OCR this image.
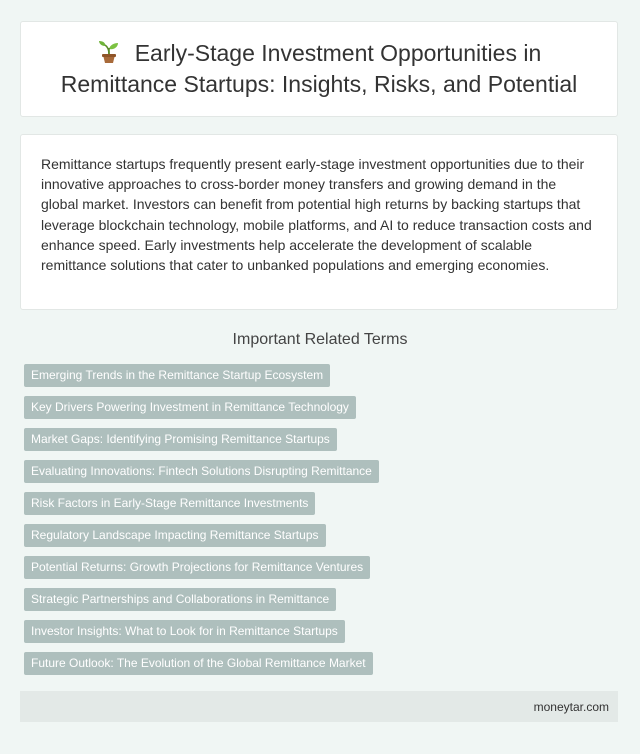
Early-Stage Investment Opportunities in Remittance Startups: Insights, Risks, and Potential

Remittance startups frequently present early-stage investment opportunities due to their innovative approaches to cross-border money transfers and growing demand in the global market. Investors can benefit from potential high returns by backing startups that leverage blockchain technology, mobile platforms, and AI to reduce transaction costs and enhance speed. Early investments help accelerate the development of scalable remittance solutions that cater to unbanked populations and emerging economies.

Important Related Terms
Emerging Trends in the Remittance Startup Ecosystem
Key Drivers Powering Investment in Remittance Technology
Market Gaps: Identifying Promising Remittance Startups
Evaluating Innovations: Fintech Solutions Disrupting Remittance
Risk Factors in Early-Stage Remittance Investments
Regulatory Landscape Impacting Remittance Startups
Potential Returns: Growth Projections for Remittance Ventures
Strategic Partnerships and Collaborations in Remittance
Investor Insights: What to Look for in Remittance Startups
Future Outlook: The Evolution of the Global Remittance Market
moneytar.com
